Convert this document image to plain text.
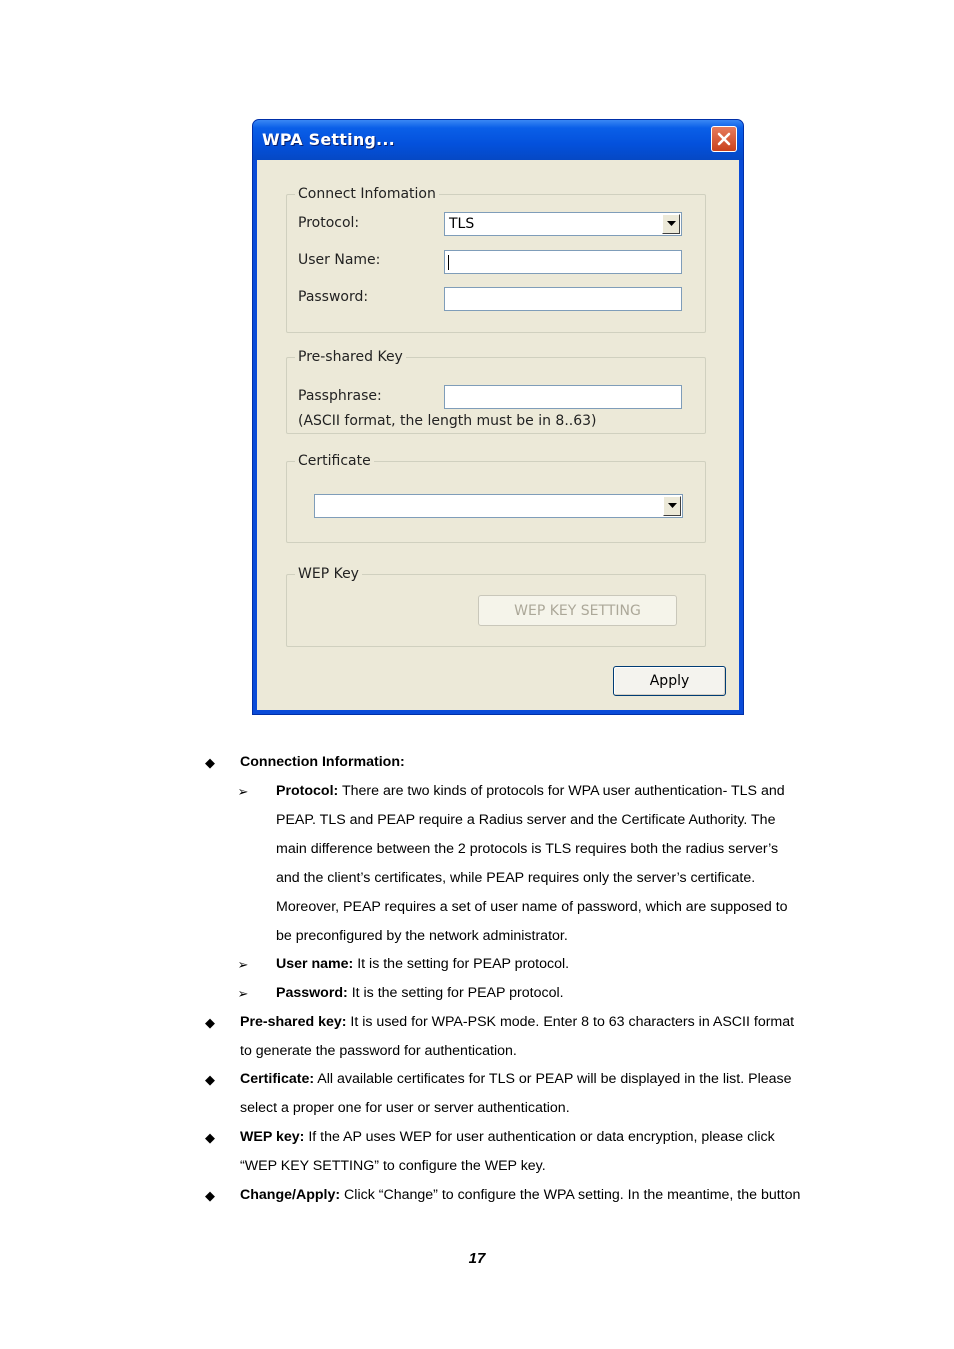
WPA Setting...
Connect Infomation
Protocol:	TLS
User Name:
Password:
Pre-shared Key
Passphrase:
(ASCII format, the length must be in 8..63)
Certificate
WEP Key
WEP KEY SETTING
Apply
◆ Connection Information:
➢ Protocol: There are two kinds of protocols for WPA user authentication- TLS and
PEAP. TLS and PEAP require a Radius server and the Certificate Authority. The
main difference between the 2 protocols is TLS requires both the radius server’s
and the client’s certificates, while PEAP requires only the server’s certificate.
Moreover, PEAP requires a set of user name of password, which are supposed to
be preconfigured by the network administrator.
➢ User name: It is the setting for PEAP protocol.
➢ Password: It is the setting for PEAP protocol.
◆ Pre-shared key: It is used for WPA-PSK mode. Enter 8 to 63 characters in ASCII format
to generate the password for authentication.
◆ Certificate: All available certificates for TLS or PEAP will be displayed in the list. Please
select a proper one for user or server authentication.
◆ WEP key: If the AP uses WEP for user authentication or data encryption, please click
“WEP KEY SETTING” to configure the WEP key.
◆ Change/Apply: Click “Change” to configure the WPA setting. In the meantime, the button
17
